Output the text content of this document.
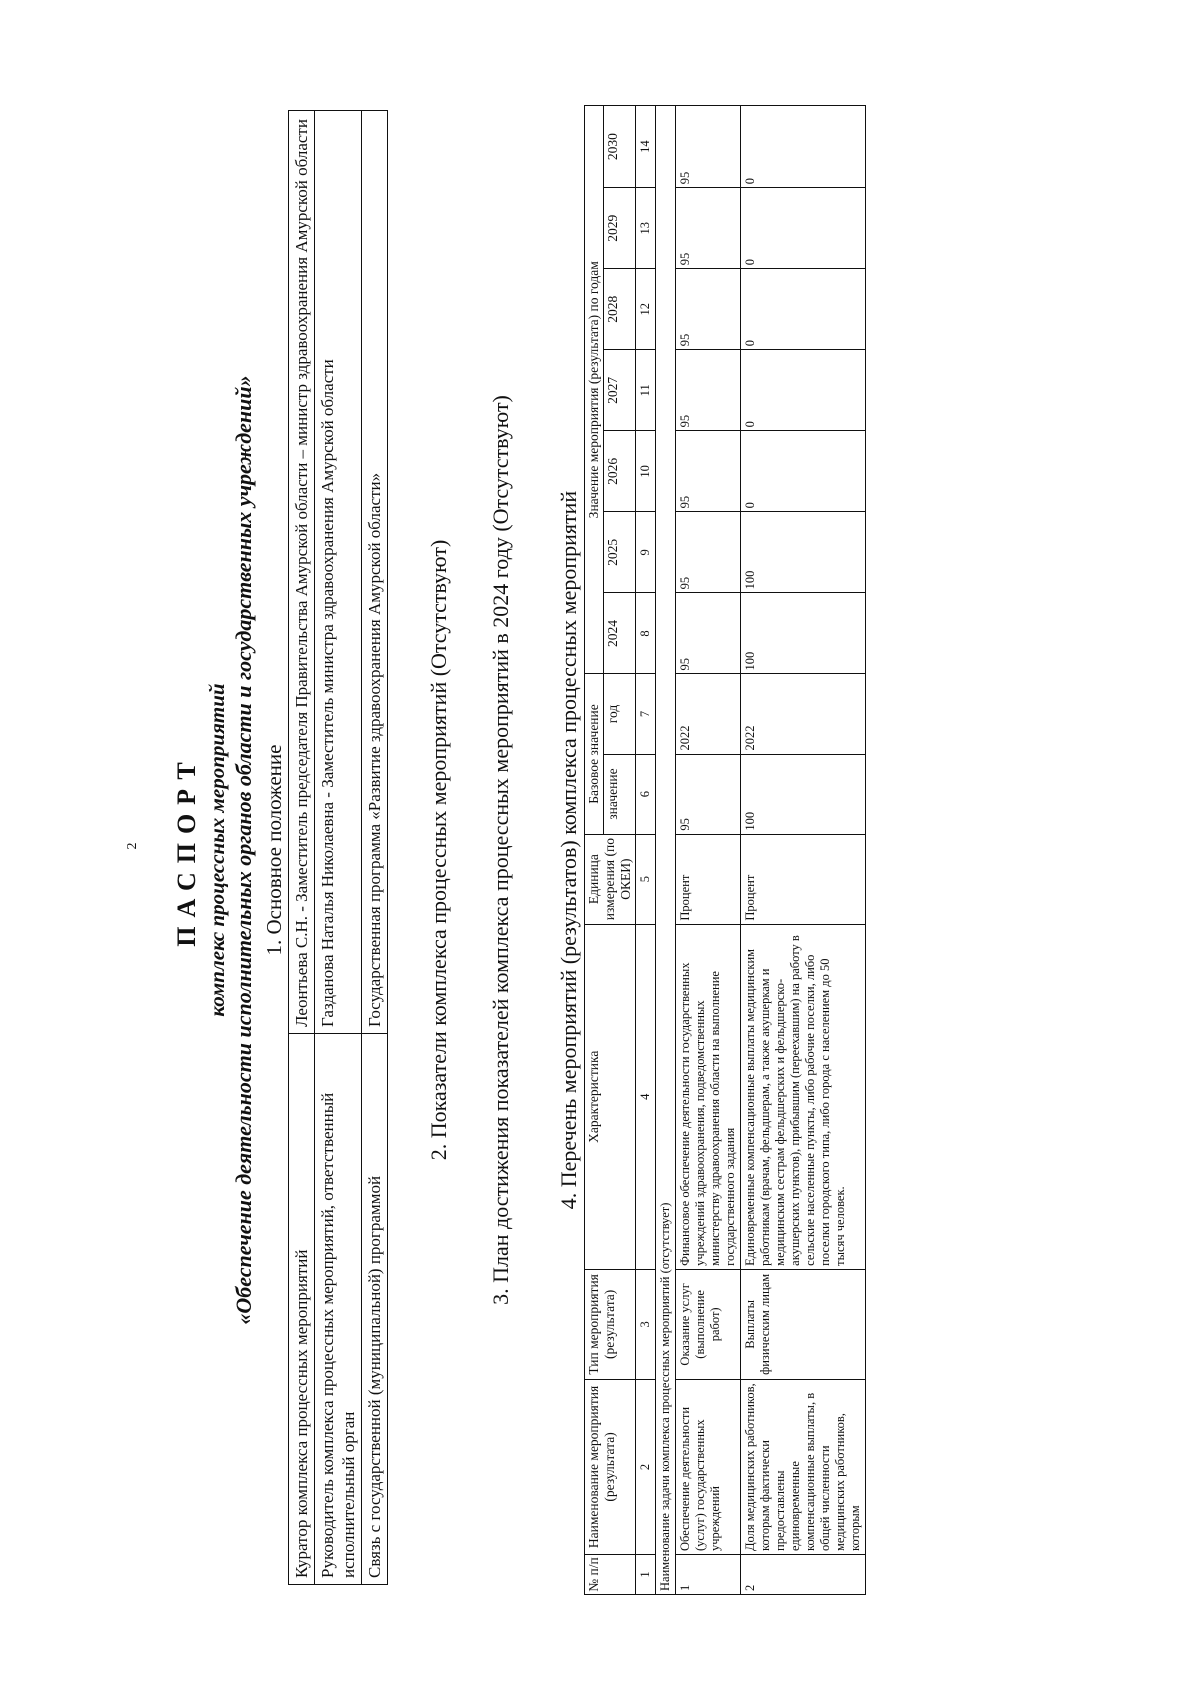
2 ПАСПОРТ комплекс процессных мероприятий «Обеспечение деятельности исполнительных органов области и государственных учреждений» 1. Основное положение

Куратор комплекса процессных мероприятий	Леонтьева С.Н. - Заместитель председателя Правительства Амурской области – министр здравоохранения Амурской области
Руководитель комплекса процессных мероприятий, ответственный исполнительный орган	Газданова Наталья Николаевна - Заместитель министра здравоохранения Амурской области
Связь с государственной (муниципальной) программой	Государственная программа «Развитие здравоохранения Амурской области» 2. Показатели комплекса процессных мероприятий (Отсутствуют) 3. План достижения показателей комплекса процессных мероприятий в 2024 году (Отсутствуют) 4. Перечень мероприятий (результатов) комплекса процессных мероприятий

№ п/п	Наименование мероприятия (результата)	Тип мероприятия (результата)	Характеристика	Единица измерения (по ОКЕИ)	Базовое значение		Значение мероприятия (результата) по годам						
					значение	год	2024	2025	2026	2027	2028	2029	2030

1	2	3	4	5	6	7	8	9	10	11	12	13	14
Наименование задачи комплекса процессных мероприятий (отсутствует)													
1	Обеспечение деятельности (услуг) государственных учреждений	Оказание услуг (выполнение работ)	Финансовое обеспечение деятельности государственных учреждений здравоохранения, подведомственных министерству здравоохранения области на выполнение государственного задания	Процент	95	2022	95	95	95	95	95	95	95
2	Доля медицинских работников, которым фактически предоставлены единовременные компенсационные выплаты, в общей численности медицинских работников, которым	Выплаты физическим лицам	Единовременные компенсационные выплаты медицинским работникам (врачам, фельдшерам, а также акушеркам и медицинским сестрам фельдшерских и фельдшерско-акушерских пунктов), прибывшим (переехавшим) на работу в сельские населенные пункты, либо рабочие поселки, либо поселки городского типа, либо города с населением до 50 тысяч человек.	Процент	100	2022	100	100	0	0	0	0	0
